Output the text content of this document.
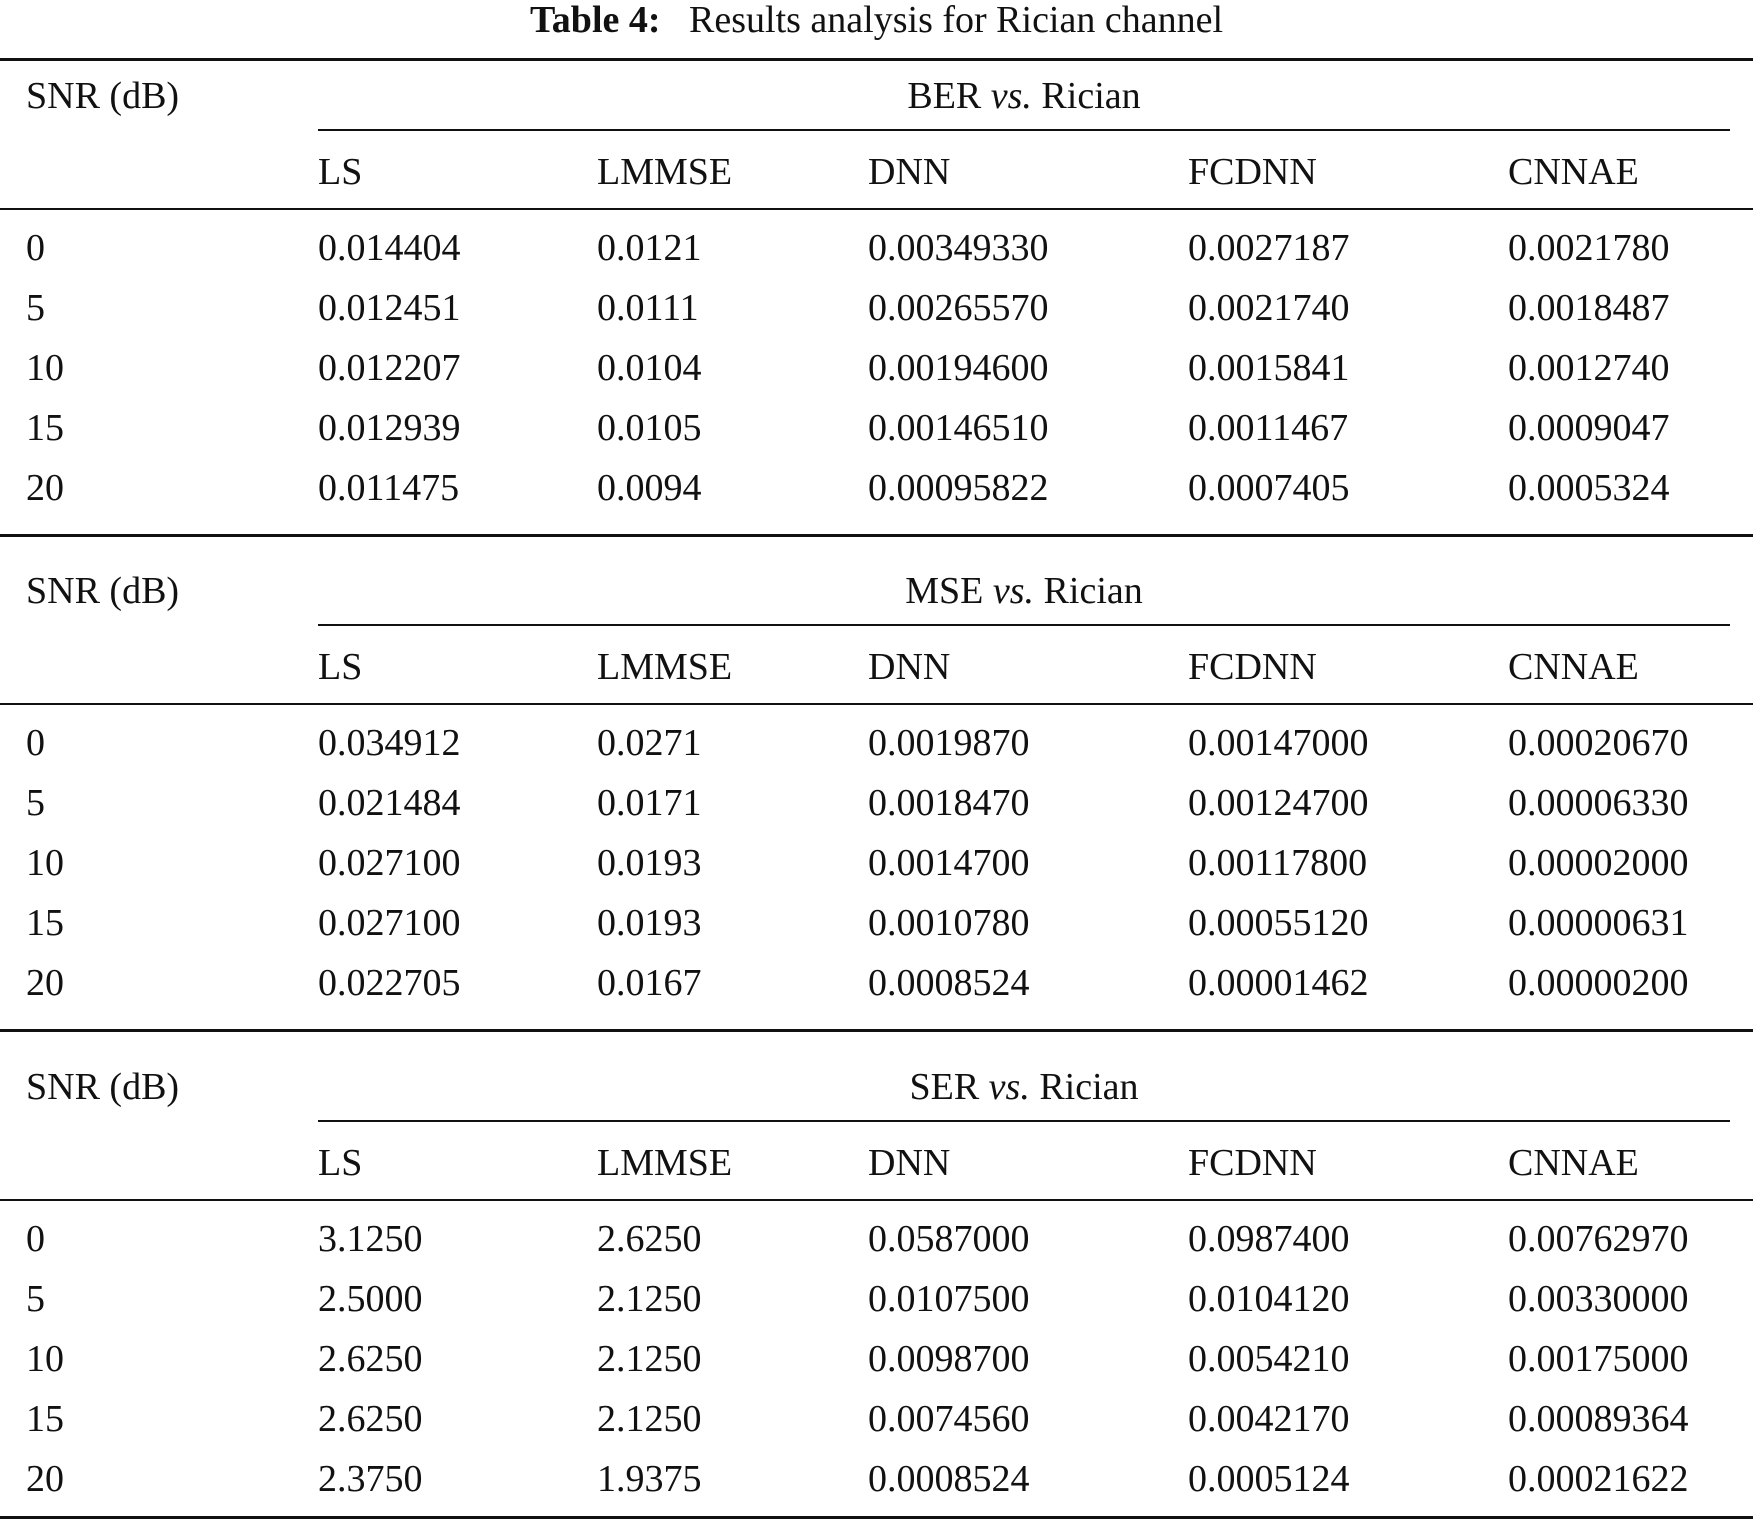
Table 4: Results analysis for Rician channel
SNR (dB)	BER vs. Rician
LS	LMMSE	DNN	FCDNN	CNNAE
0	0.014404	0.0121	0.00349330	0.0027187	0.0021780
5	0.012451	0.0111	0.00265570	0.0021740	0.0018487
10	0.012207	0.0104	0.00194600	0.0015841	0.0012740
15	0.012939	0.0105	0.00146510	0.0011467	0.0009047
20	0.011475	0.0094	0.00095822	0.0007405	0.0005324
SNR (dB)	MSE vs. Rician
LS	LMMSE	DNN	FCDNN	CNNAE
0	0.034912	0.0271	0.0019870	0.00147000	0.00020670
5	0.021484	0.0171	0.0018470	0.00124700	0.00006330
10	0.027100	0.0193	0.0014700	0.00117800	0.00002000
15	0.027100	0.0193	0.0010780	0.00055120	0.00000631
20	0.022705	0.0167	0.0008524	0.00001462	0.00000200
SNR (dB)	SER vs. Rician
LS	LMMSE	DNN	FCDNN	CNNAE
0	3.1250	2.6250	0.0587000	0.0987400	0.00762970
5	2.5000	2.1250	0.0107500	0.0104120	0.00330000
10	2.6250	2.1250	0.0098700	0.0054210	0.00175000
15	2.6250	2.1250	0.0074560	0.0042170	0.00089364
20	2.3750	1.9375	0.0008524	0.0005124	0.00021622
